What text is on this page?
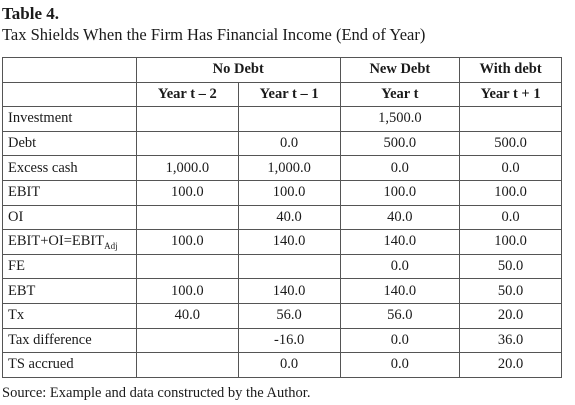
Table 4.

Tax Shields When the Firm Has Financial Income (End of Year)

	No Debt		New Debt	With debt
	Year t – 2	Year t – 1	Year t	Year t + 1
Investment			1,500.0	
Debt		0.0	500.0	500.0
Excess cash	1,000.0	1,000.0	0.0	0.0
EBIT	100.0	100.0	100.0	100.0
OI		40.0	40.0	0.0
$EBIT+OI=EBIT_{Adj}$	100.0	140.0	140.0	100.0
FE			0.0	50.0
EBT	100.0	140.0	140.0	50.0
Tx	40.0	56.0	56.0	20.0
Tax difference		-16.0	0.0	36.0
TS accrued		0.0	0.0	20.0

Source: Example and data constructed by the Author.
